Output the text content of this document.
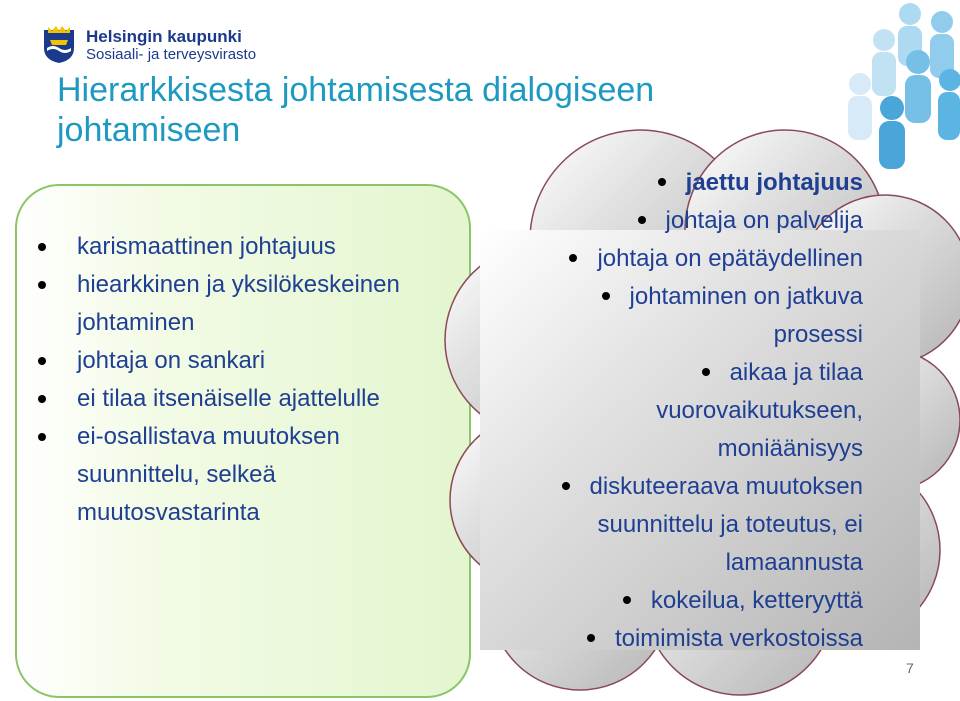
Helsingin kaupunki
Sosiaali- ja terveysvirasto
Hierarkkisesta johtamisesta dialogiseen johtamiseen
karismaattinen johtajuus
hiearkkinen ja yksilökeskeinen johtaminen
johtaja on sankari
ei tilaa itsenäiselle ajattelulle
ei-osallistava muutoksen suunnittelu, selkeä muutosvastarinta
jaettu johtajuus
johtaja on palvelija
johtaja on epätäydellinen
johtaminen on jatkuva
prosessi
aikaa ja tilaa
vuorovaikutukseen,
moniäänisyys
diskuteeraava muutoksen
suunnittelu ja toteutus, ei
lamaannusta
kokeilua, ketteryyttä
toimimista verkostoissa
7
